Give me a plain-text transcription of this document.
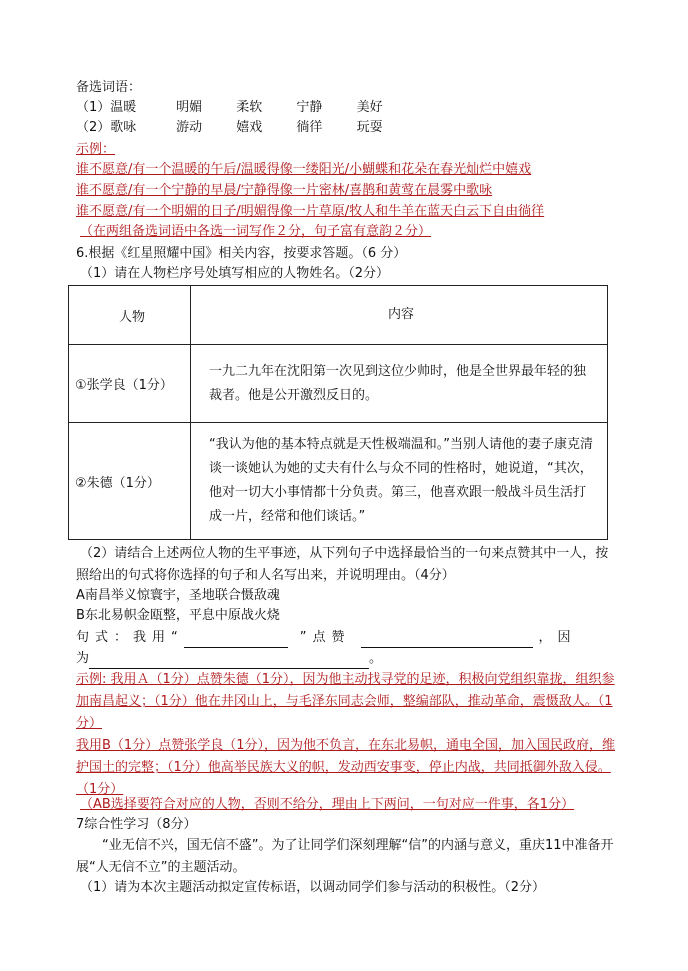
备选词语：
（1）温暖	明媚	柔软	宁静	美好
（2）歌咏	游动	嬉戏	徜徉	玩耍
示例：
谁不愿意/有一个温暖的午后/温暖得像一缕阳光/小蝴蝶和花朵在春光灿烂中嬉戏
谁不愿意/有一个宁静的早晨/宁静得像一片密林/喜鹊和黄莺在晨雾中歌咏
谁不愿意/有一个明媚的日子/明媚得像一片草原/牧人和牛羊在蓝天白云下自由徜徉
（在两组备选词语中各选一词写作２分，句子富有意韵２分）
6.根据《红星照耀中国》相关内容，按要求答题。（6 分）
（1）请在人物栏序号处填写相应的人物姓名。（2分）
人物	内容
①张学良（1分）	一九二九年在沈阳第一次见到这位少帅时，他是全世界最年轻的独裁者。他是公开激烈反日的。
②朱德（1分）	“我认为他的基本特点就是天性极端温和。”当别人请他的妻子康克清谈一谈她认为她的丈夫有什么与众不同的性格时，她说道，“其次，他对一切大小事情都十分负责。第三，他喜欢跟一般战斗员生活打成一片，经常和他们谈话。”
（2）请结合上述两位人物的生平事迹，从下列句子中选择最恰当的一句来点赞其中一人，按照给出的句式将你选择的句子和人名写出来，并说明理由。（4分）
A南昌举义惊寰宇，圣地联合慑敌魂
B东北易帜金瓯整，平息中原战火烧
句式：我用“	”点赞	，因
为	。
示例: 我用Ａ（1分）点赞朱德（1分），因为他主动找寻党的足迹，积极向党组织靠拢，组织参加南昌起义；（1分）他在井冈山上，与毛泽东同志会师，整编部队，推动革命，震慑敌人。（1分）
我用B（1分）点赞张学良（1分），因为他不负言，在东北易帜，通电全国，加入国民政府，维护国土的完整；（1分）他高举民族大义的帜，发动西安事变，停止内战，共同抵御外敌入侵。（1分）
（AB选择要符合对应的人物，否则不给分，理由上下两问，一句对应一件事，各1分）
7综合性学习（8分）
“业无信不兴，国无信不盛”。为了让同学们深刻理解“信”的内涵与意义，重庆11中准备开展“人无信不立”的主题活动。
（1）请为本次主题活动拟定宣传标语，以调动同学们参与活动的积极性。（2分）
